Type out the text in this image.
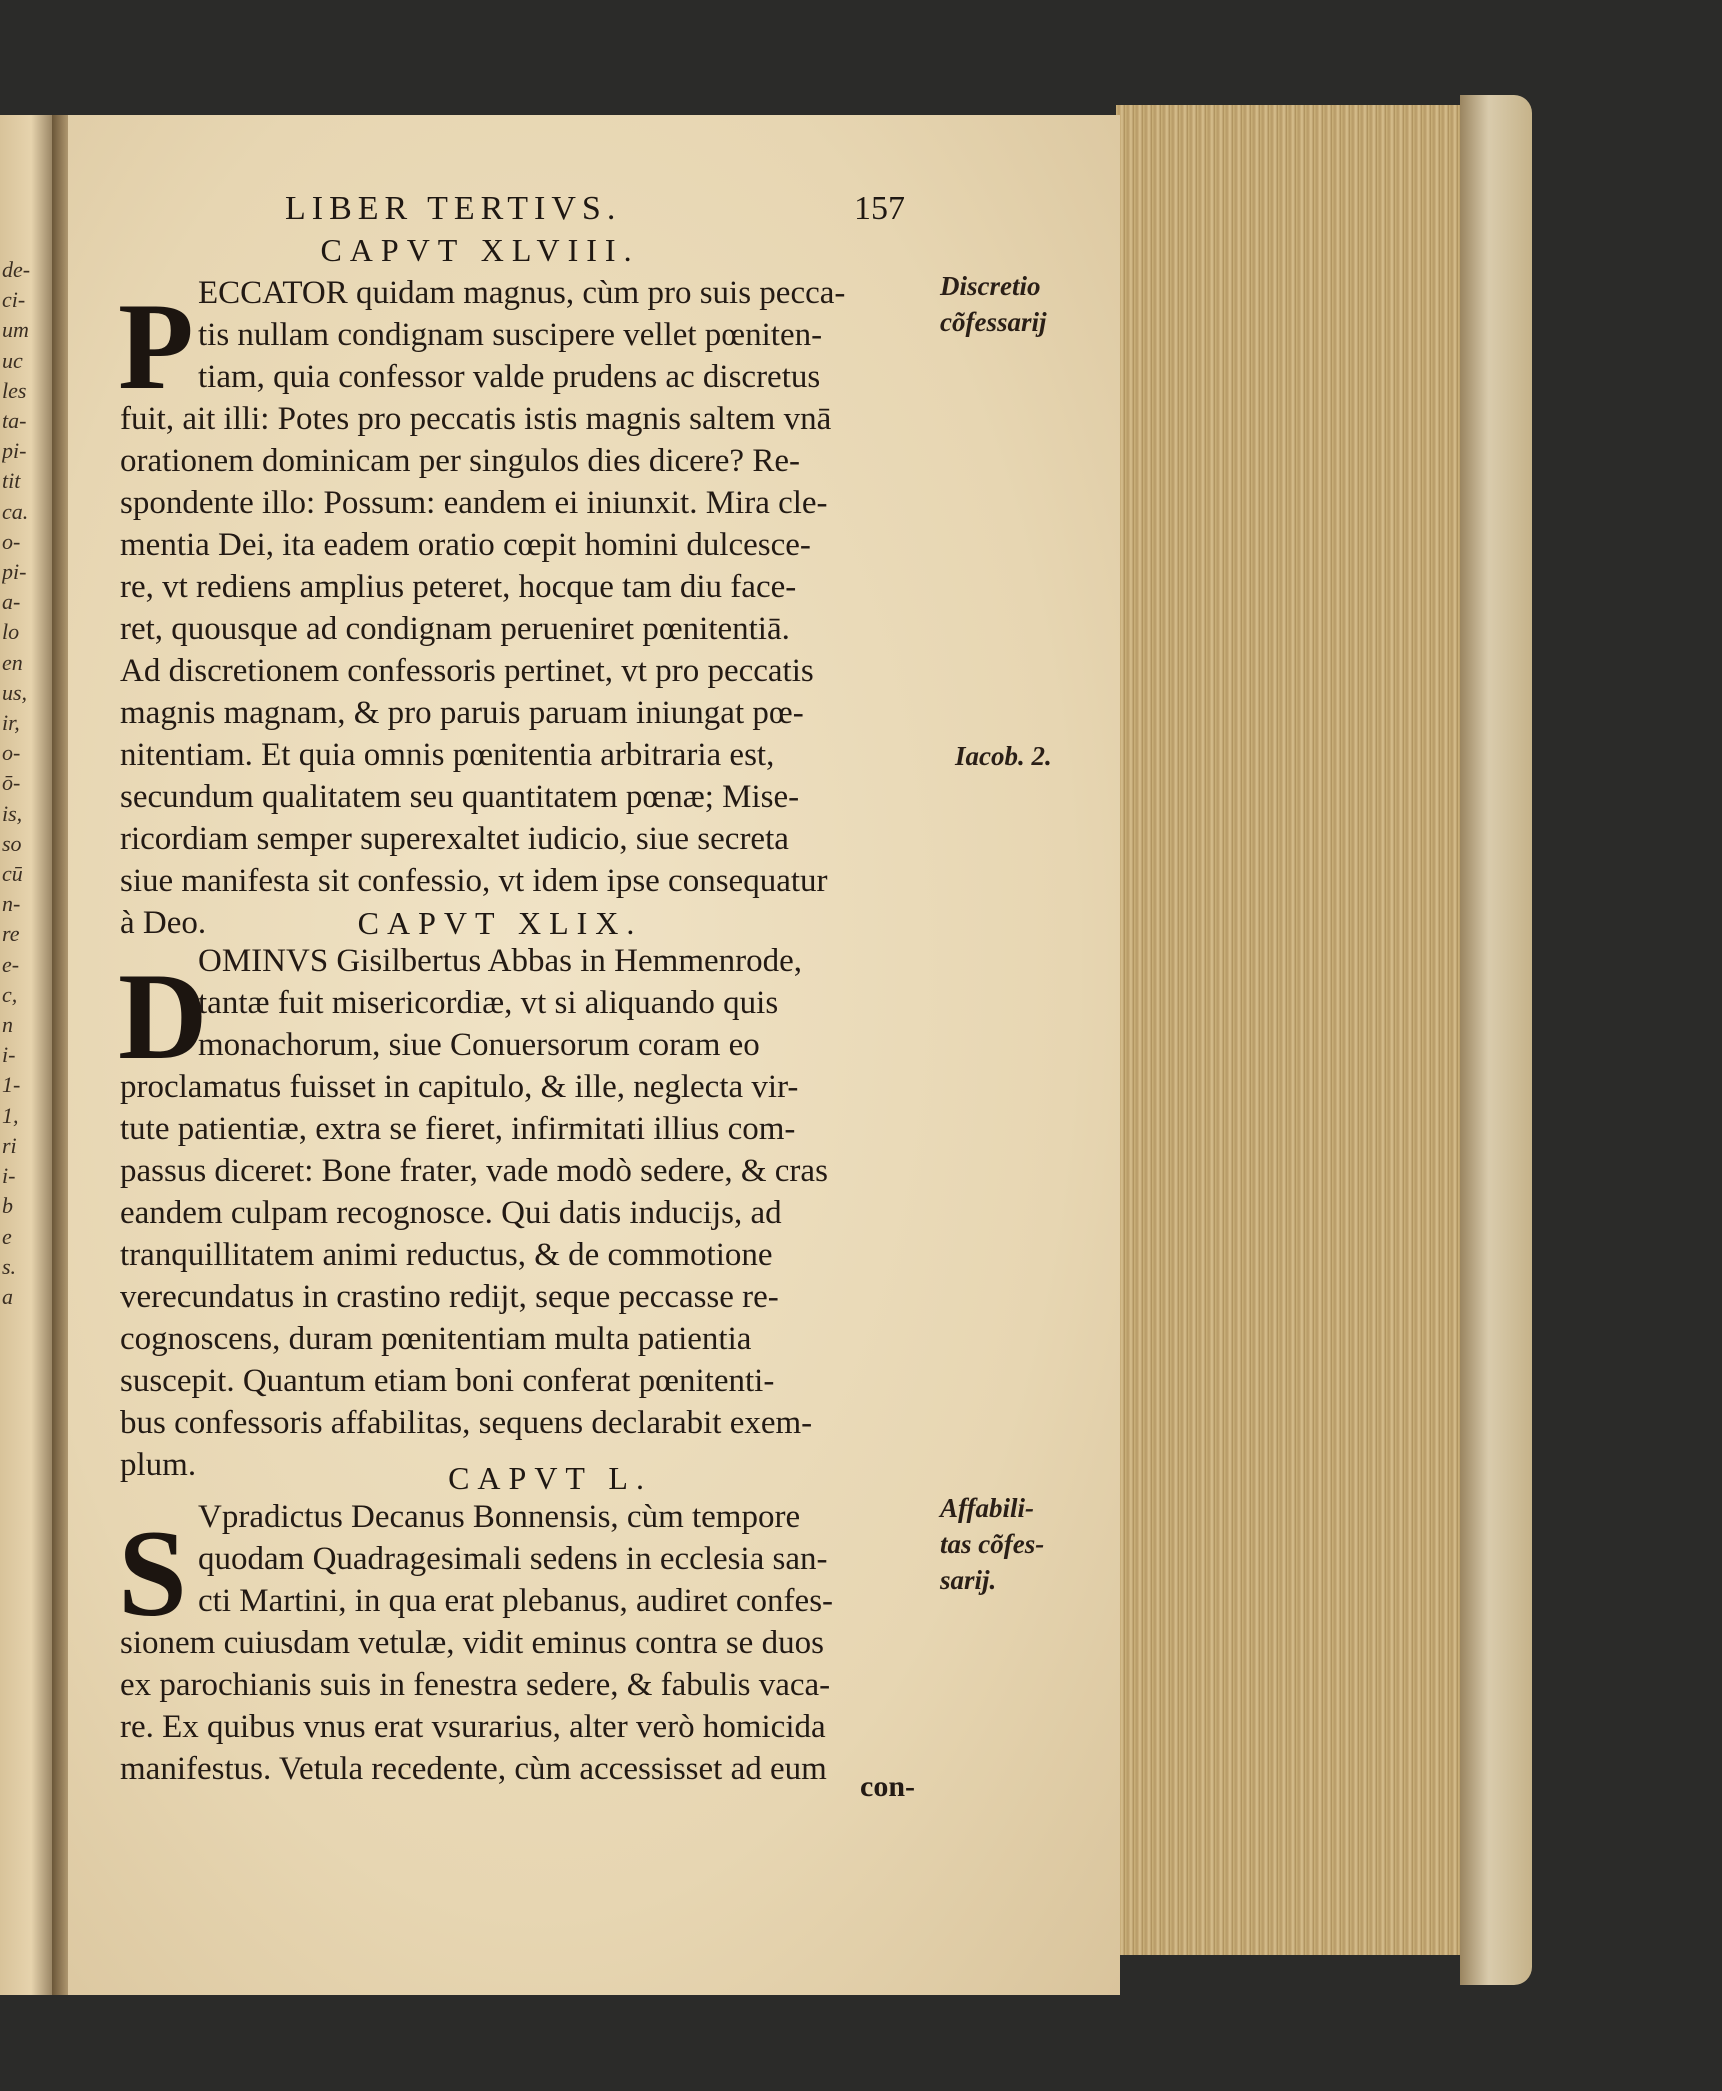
de-
ci-
um
uc
les
ta-
pi-
tit
ca.
o-
pi-
a-
lo
en
us,
ir,
o-
ō-
is,
so
cū
n-
re
e-
c,
n
i-
1-
1,
ri
i-
b
e
s.
a
LIBER TERTIVS.	157
CAPVT XLVIII.
P ECCATOR quidam magnus, cùm pro suis pecca-
tis nullam condignam suscipere vellet pœniten-
tiam, quia confessor valde prudens ac discretus
fuit, ait illi: Potes pro peccatis istis magnis saltem vnā
orationem dominicam per singulos dies dicere? Re-
spondente illo: Possum: eandem ei iniunxit. Mira cle-
mentia Dei, ita eadem oratio cœpit homini dulcesce-
re, vt rediens amplius peteret, hocque tam diu face-
ret, quousque ad condignam perueniret pœnitentiā.
Ad discretionem confessoris pertinet, vt pro peccatis
magnis magnam, & pro paruis paruam iniungat pœ-
nitentiam. Et quia omnis pœnitentia arbitraria est,
secundum qualitatem seu quantitatem pœnæ; Mise-
ricordiam semper superexaltet iudicio, siue secreta
siue manifesta sit confessio, vt idem ipse consequatur
à Deo.	CAPVT XLIX.
D
OMINVS Gisilbertus Abbas in Hemmenrode,
tantæ fuit misericordiæ, vt si aliquando quis
monachorum, siue Conuersorum coram eo
proclamatus fuisset in capitulo, & ille, neglecta vir-
tute patientiæ, extra se fieret, infirmitati illius com-
passus diceret: Bone frater, vade modò sedere, & cras
eandem culpam recognosce. Qui datis inducijs, ad
tranquillitatem animi reductus, & de commotione
verecundatus in crastino redijt, seque peccasse re-
cognoscens, duram pœnitentiam multa patientia
suscepit. Quantum etiam boni conferat pœnitenti-
bus confessoris affabilitas, sequens declarabit exem-
plum.	CAPVT L.
S Vpradictus Decanus Bonnensis, cùm tempore
quodam Quadragesimali sedens in ecclesia san-
cti Martini, in qua erat plebanus, audiret confes-
sionem cuiusdam vetulæ, vidit eminus contra se duos
ex parochianis suis in fenestra sedere, & fabulis vaca-
re. Ex quibus vnus erat vsurarius, alter verò homicida
manifestus. Vetula recedente, cùm accessisset ad eum	con-
Discretio
cõfessarij
Iacob. 2.
Affabili-
tas cõfes-
sarij.
